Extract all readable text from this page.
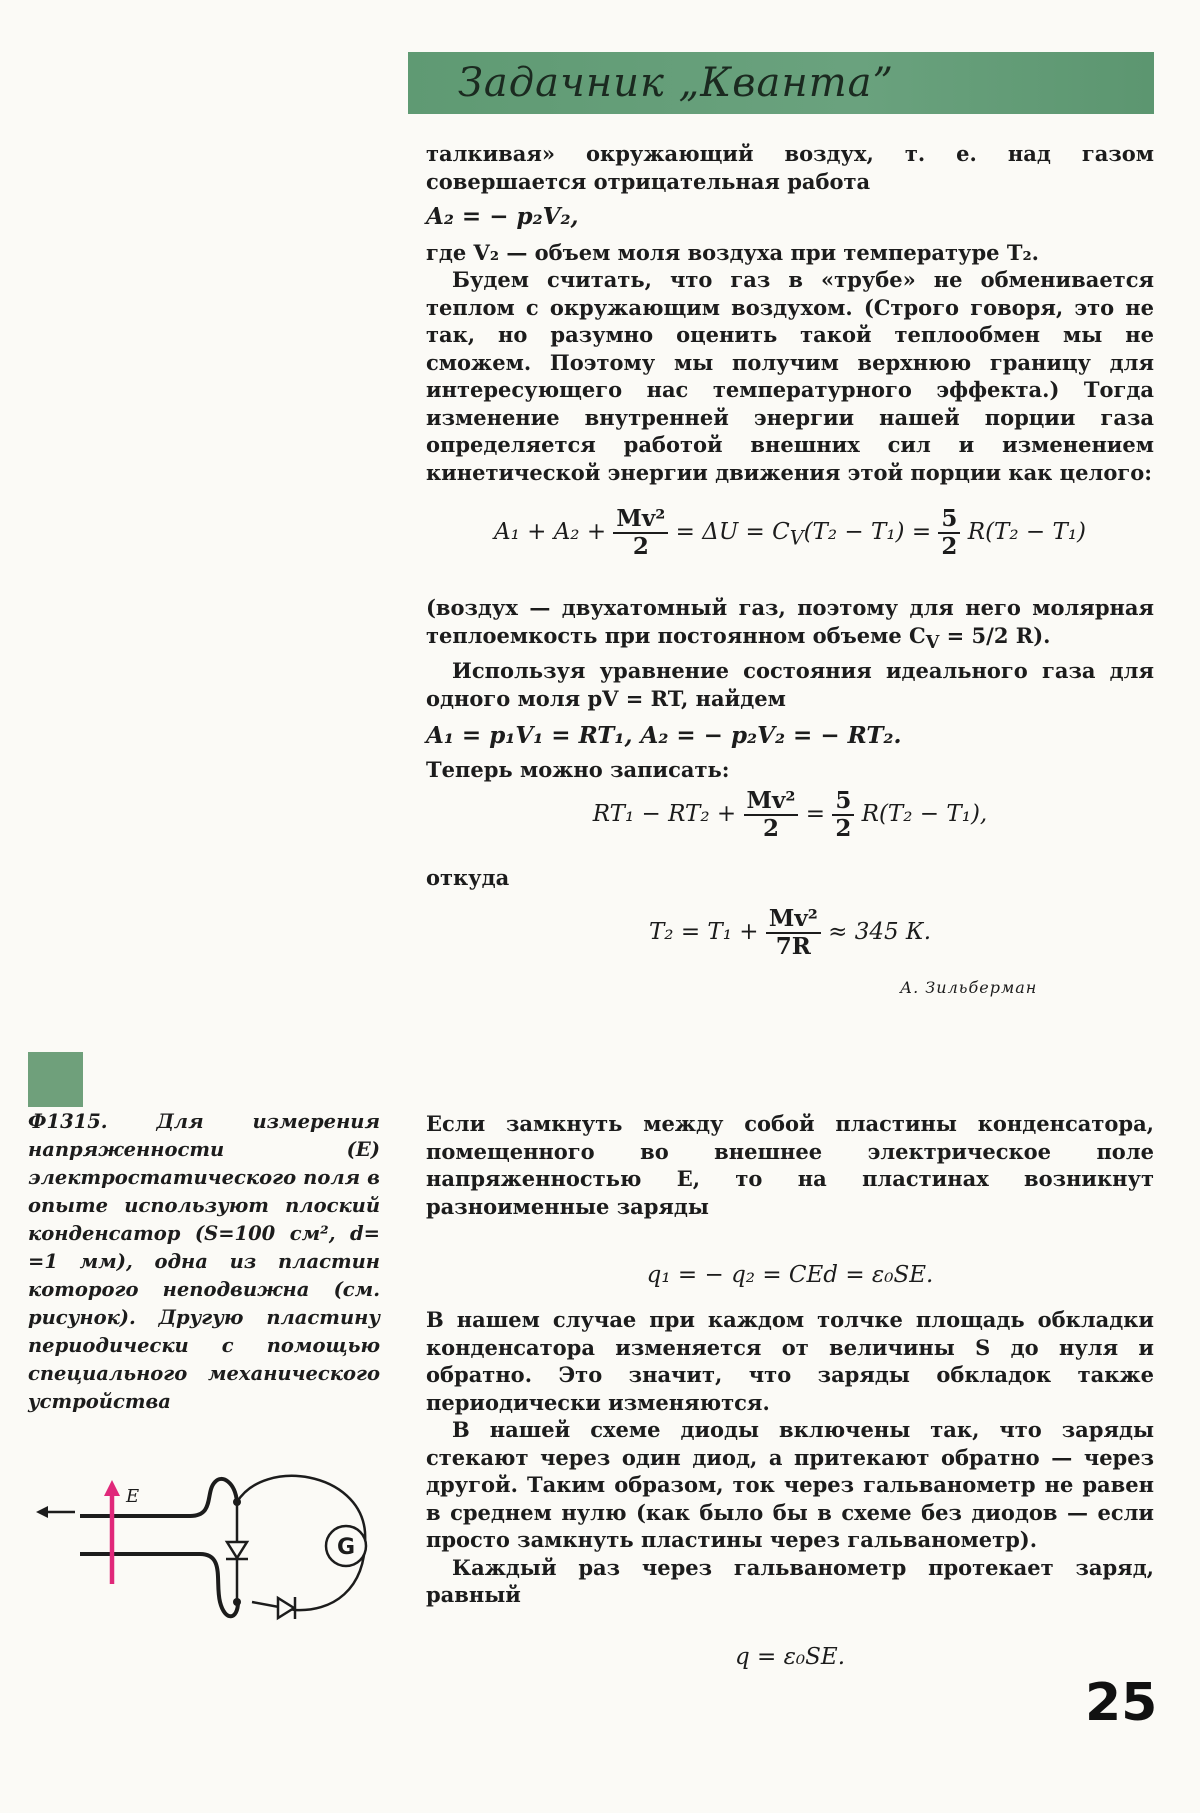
Задачник „Кванта”

талкивая» окружающий воздух, т. е. над газом совершается отрицательная работа

A₂ = − p₂V₂,

где V₂ — объем моля воздуха при температуре T₂.

Будем считать, что газ в «трубе» не обменивается теплом с окружающим воздухом. (Строго говоря, это не так, но разумно оценить такой теплообмен мы не сможем. Поэтому мы получим верхнюю границу для интересующего нас температурного эффекта.) Тогда изменение внутренней энергии нашей порции газа определяется работой внешних сил и изменением кинетической энергии движения этой порции как целого:

$A_1 + A_2 + \frac{\text{Mv²}}{2} = \Delta U = C_V(T_2 - T_1) = \frac{5}{2} R(T_2 - T_1)$

(воздух — двухатомный газ, поэтому для него молярная теплоемкость при постоянном объеме $C_V = 5/2$ R).

Используя уравнение состояния идеального газа для одного моля pV = RT, найдем

A₁ = p₁V₁ = RT₁, A₂ = − p₂V₂ = − RT₂.

Теперь можно записать:

$RT_1 - RT_2 + \frac{\text{Mv²}}{2} = \frac{5}{2} R(T_2 - T_1)$,

откуда

$T_2 = T_1 + \frac{\text{Mv²}}{7R} \approx 345$ К.
А. Зильберман
Ф1315. Для измерения напряженности (E) электростатического поля в опыте используют плоский конденсатор (S=100 см², d= =1 мм), одна из пластин которого неподвижна (см. рисунок). Другую пластину периодически с помощью специального механического устройства
E
G

Если замкнуть между собой пластины конденсатора, помещенного во внешнее электрическое поле напряженностью E, то на пластинах возникнут разноименные заряды

q₁ = − q₂ = CEd = ε₀SE.

В нашем случае при каждом толчке площадь обкладки конденсатора изменяется от величины S до нуля и обратно. Это значит, что заряды обкладок также периодически изменяются.

В нашей схеме диоды включены так, что заряды стекают через один диод, а притекают обратно — через другой. Таким образом, ток через гальванометр не равен в среднем нулю (как было бы в схеме без диодов — если просто замкнуть пластины через гальванометр).

Каждый раз через гальванометр протекает заряд, равный

q = ε₀SE.
25
